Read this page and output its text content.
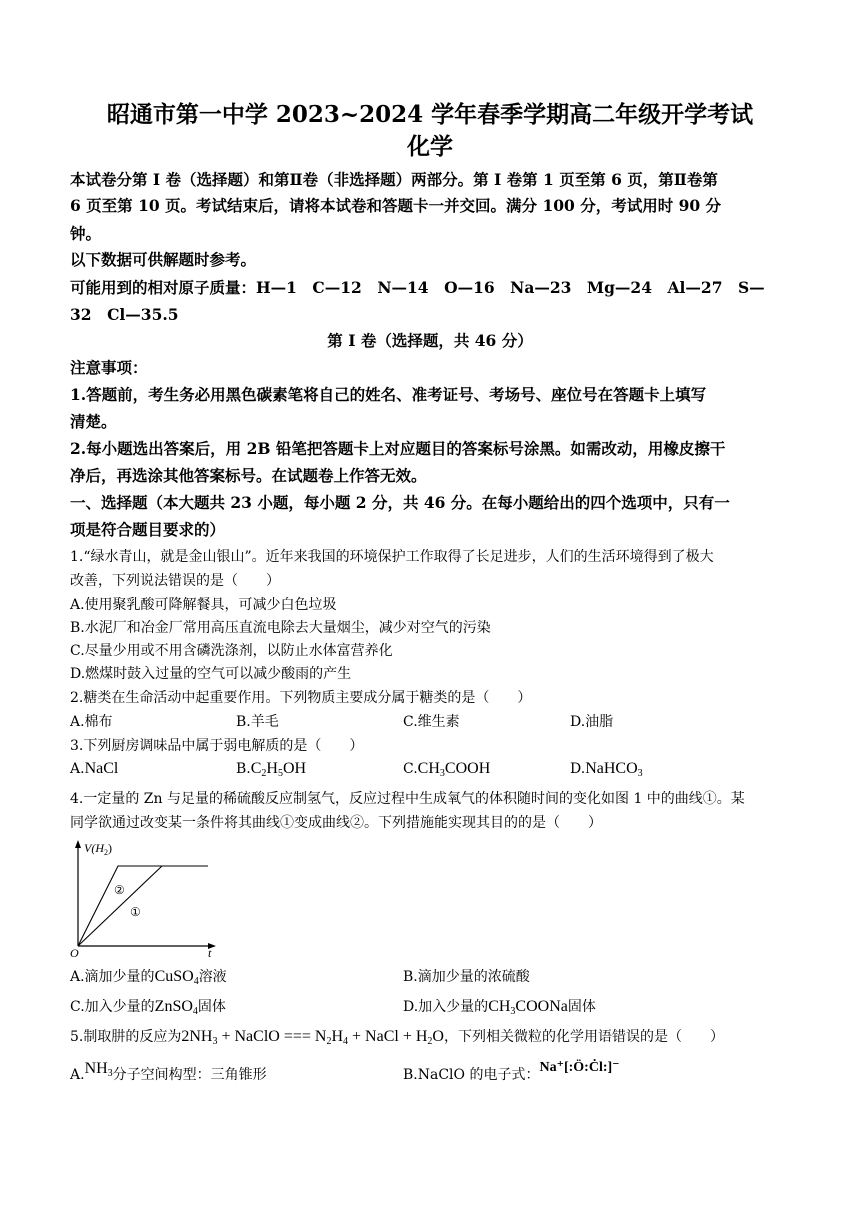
昭通市第一中学 2023~2024 学年春季学期高二年级开学考试
化学
本试卷分第 I 卷（选择题）和第Ⅱ卷（非选择题）两部分。第 I 卷第 1 页至第 6 页，第Ⅱ卷第
6 页至第 10 页。考试结束后，请将本试卷和答题卡一并交回。满分 100 分，考试用时 90 分
钟。
以下数据可供解题时参考。
可能用到的相对原子质量：H—1　C—12　N—14　O—16　Na—23　Mg—24　Al—27　S—
32　Cl—35.5
第 I 卷（选择题，共 46 分）
注意事项：
1.答题前，考生务必用黑色碳素笔将自己的姓名、准考证号、考场号、座位号在答题卡上填写
清楚。
2.每小题选出答案后，用 2B 铅笔把答题卡上对应题目的答案标号涂黑。如需改动，用橡皮擦干
净后，再选涂其他答案标号。在试题卷上作答无效。
一、选择题（本大题共 23 小题，每小题 2 分，共 46 分。在每小题给出的四个选项中，只有一
项是符合题目要求的）
1.“绿水青山，就是金山银山”。近年来我国的环境保护工作取得了长足进步，人们的生活环境得到了极大
改善，下列说法错误的是（　　）
A.使用聚乳酸可降解餐具，可减少白色垃圾
B.水泥厂和冶金厂常用高压直流电除去大量烟尘，减少对空气的污染
C.尽量少用或不用含磷洗涤剂，以防止水体富营养化
D.燃煤时鼓入过量的空气可以减少酸雨的产生
2.糖类在生命活动中起重要作用。下列物质主要成分属于糖类的是（　　）
A.棉布	B.羊毛	C.维生素	D.油脂
3.下列厨房调味品中属于弱电解质的是（　　）
A.NaCl	$B.C_2H_5OH$	$C.CH_3COOH$	D.NaHCO$_3$
4.一定量的 Zn 与足量的稀硫酸反应制氢气，反应过程中生成氧气的体积随时间的变化如图 1 中的曲线①。某
同学欲通过改变某一条件将其曲线①变成曲线②。下列措施能实现其目的的是（　　）
$V(H_2)$
t
O
②
①
A.滴加少量的CuSO$_4$溶液	B.滴加少量的浓硫酸
C.加入少量的ZnSO$_4$固体	D.加入少量的$CH_3COONa$固体
5.制取肼的反应为$2NH_3$ + NaClO === $N_2H_4$ + NaCl + $H_2O$，下列相关微粒的化学用语错误的是（　　）
$A.NH_3$分子空间构型：三角锥形	B.NaClO 的电子式：Na⁺[:Ö:Ċl:]⁻
